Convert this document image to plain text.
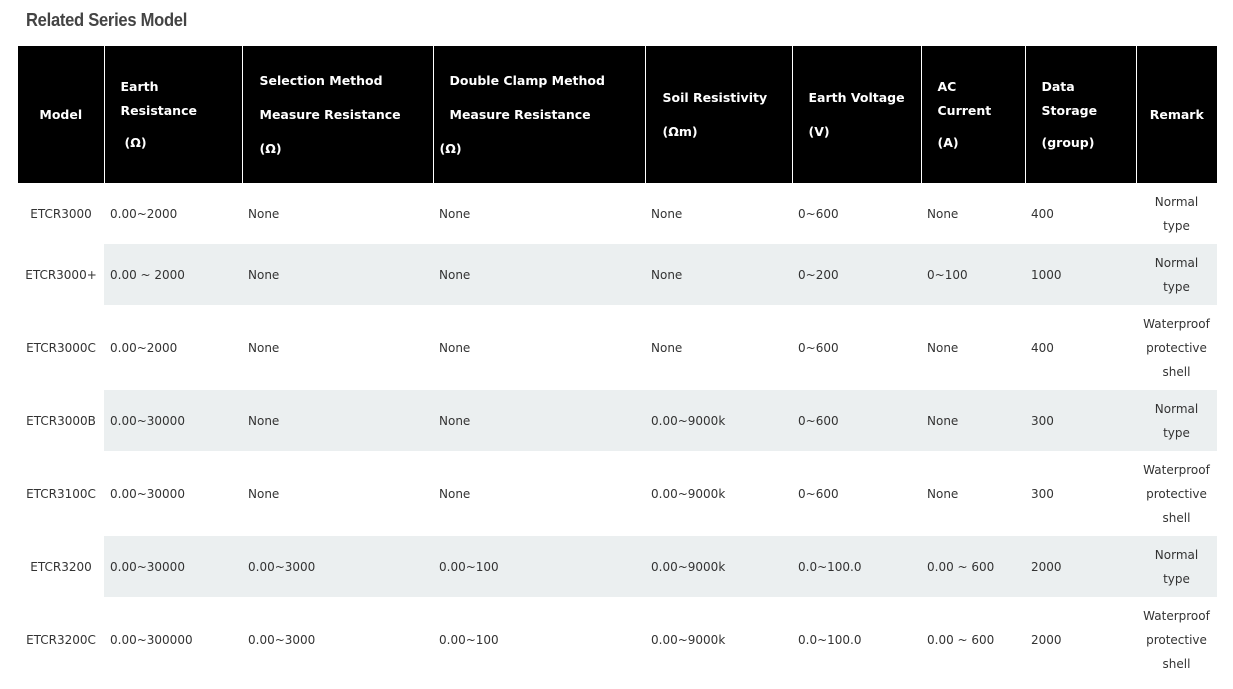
Related Series Model
Model	Earth
Resistance
(Ω)	Selection Method
Measure Resistance
(Ω)	Double Clamp Method
Measure Resistance
(Ω)	Soil Resistivity
(Ωm)	Earth Voltage
(V)	AC
Current
(A)	Data
Storage
(group)	Remark
ETCR3000	0.00~2000	None	None	None	0~600	None	400	Normal
type
ETCR3000+	0.00 ~ 2000	None	None	None	0~200	0~100	1000	Normal
type
ETCR3000C	0.00~2000	None	None	None	0~600	None	400	Waterproof
protective
shell
ETCR3000B	0.00~30000	None	None	0.00~9000k	0~600	None	300	Normal
type
ETCR3100C	0.00~30000	None	None	0.00~9000k	0~600	None	300	Waterproof
protective
shell
ETCR3200	0.00~30000	0.00~3000	0.00~100	0.00~9000k	0.0~100.0	0.00 ~ 600	2000	Normal
type
ETCR3200C	0.00~300000	0.00~3000	0.00~100	0.00~9000k	0.0~100.0	0.00 ~ 600	2000	Waterproof
protective
shell
